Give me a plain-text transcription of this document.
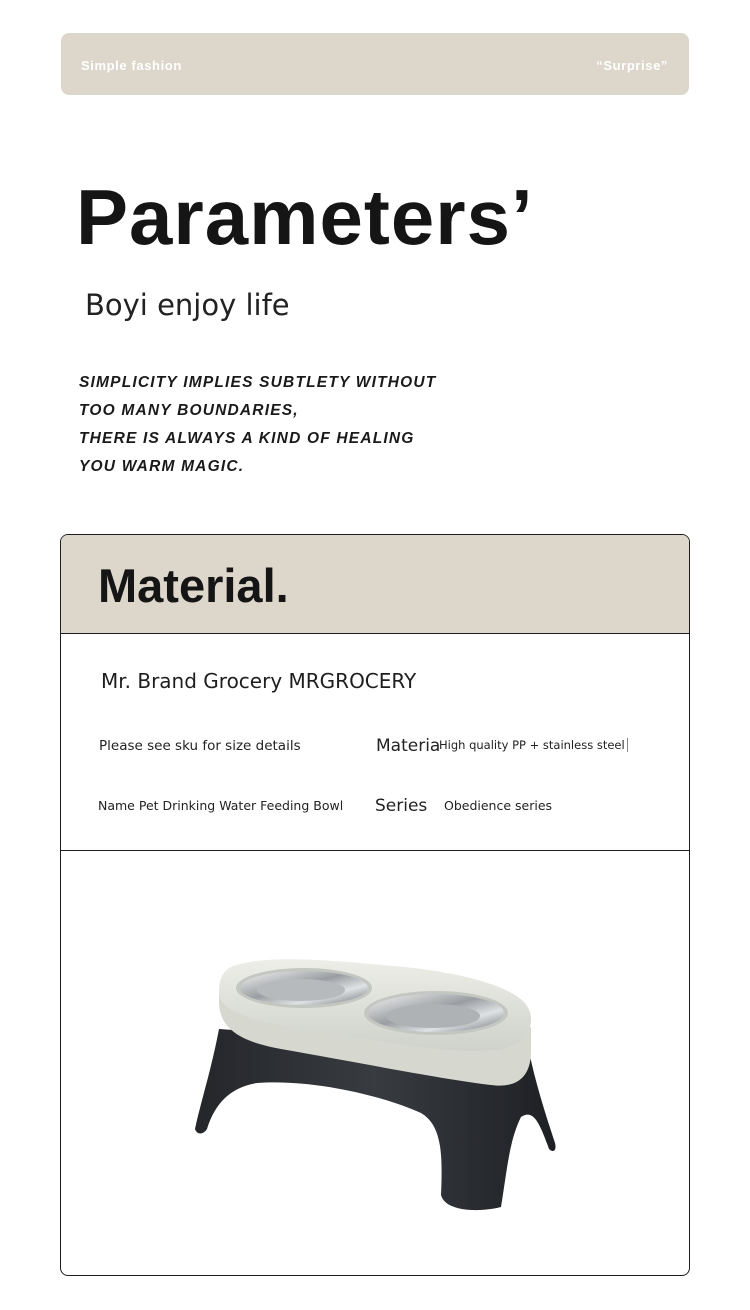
Simple fashion	“Surprise”
Parameters’
Boyi enjoy life
SIMPLICITY IMPLIES SUBTLETY WITHOUT
TOO MANY BOUNDARIES,
THERE IS ALWAYS A KIND OF HEALING
YOU WARM MAGIC.
Material.
Mr. Brand Grocery MRGROCERY
Please see sku for size details	Materia
High quality PP + stainless steel
Name Pet Drinking Water Feeding Bowl Series Obedience series
